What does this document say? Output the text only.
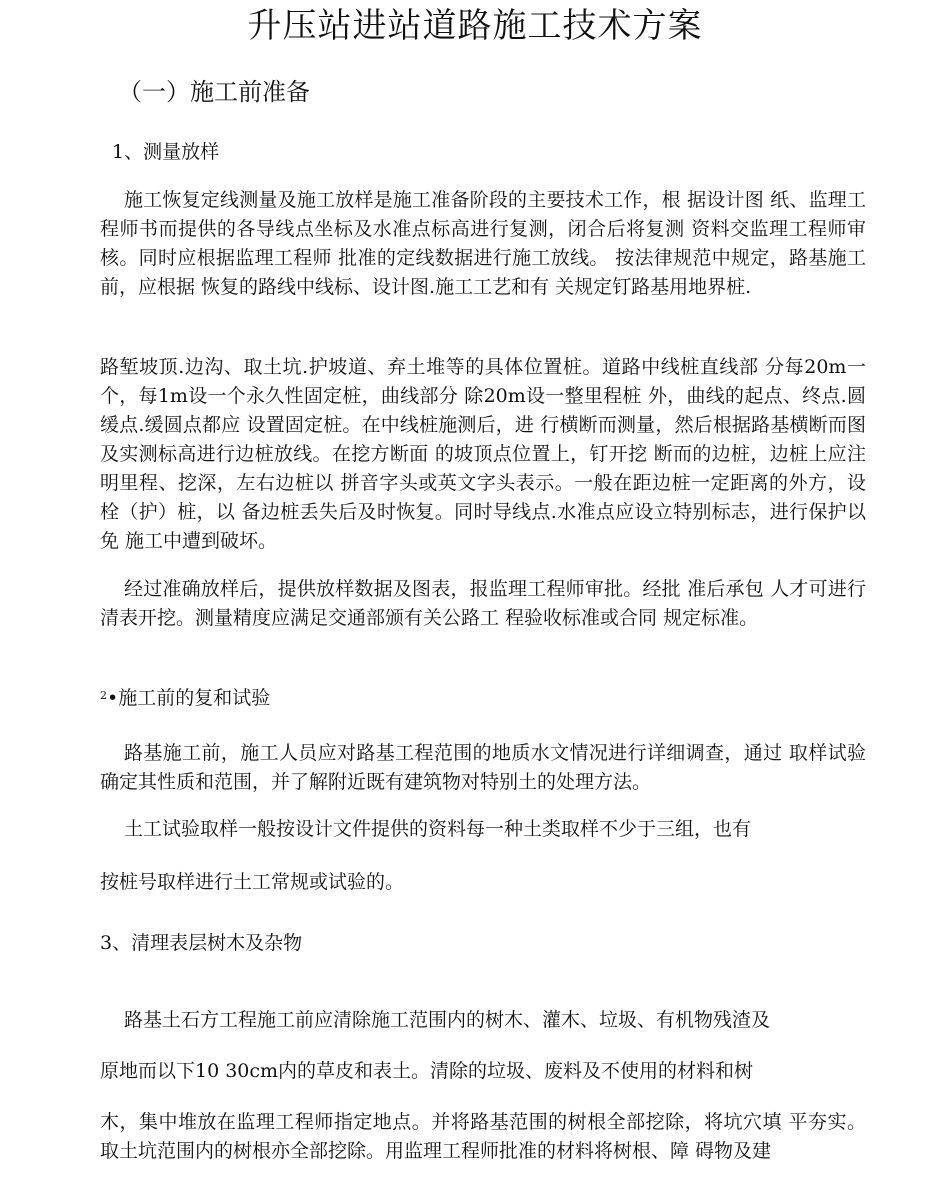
升压站进站道路施工技术方案
（一）施工前准备
1、测量放样
施工恢复定线测量及施工放样是施工准备阶段的主要技术工作，根 据设计图 纸、监理工程师书而提供的各导线点坐标及水准点标高进行复测，闭合后将复测 资料交监理工程师审核。同时应根据监理工程师 批准的定线数据进行施工放线。 按法律规范中规定，路基施工前，应根据 恢复的路线中线标、设计图.施工工艺和有 关规定钉路基用地界桩.
路堑坡顶.边沟、取土坑.护坡道、弃土堆等的具体位置桩。道路中线桩直线部 分每20m一个，每1m设一个永久性固定桩，曲线部分 除20m设一整里程桩 外，曲线的起点、终点.圆缓点.缓圆点都应 设置固定桩。在中线桩施测后，进 行横断而测量，然后根据路基横断而图及实测标高进行边桩放线。在挖方断面 的坡顶点位置上，钉开挖 断而的边桩，边桩上应注明里程、挖深，左右边桩以 拼音字头或英文字头表示。一般在距边桩一定距离的外方，设栓（护）桩，以 备边桩丢失后及时恢复。同时导线点.水准点应设立特别标志，进行保护以免 施工中遭到破坏。
经过准确放样后，提供放样数据及图表，报监理工程师审批。经批 准后承包 人才可进行清表开挖。测量精度应满足交通部颁有关公路工 程验收标准或合同 规定标准。
$^2$•施工前的复和试验
路基施工前，施工人员应对路基工程范围的地质水文情况进行详细调查，通过 取样试验确定其性质和范围，并了解附近既有建筑物对特别土的处理方法。
土工试验取样一般按设计文件提供的资料每一种土类取样不少于三组，也有
按桩号取样进行土工常规或试验的。
3、清理表层树木及杂物
路基土石方工程施工前应清除施工范围内的树木、灌木、垃圾、有机物残渣及
原地而以下10 30cm内的草皮和表土。清除的垃圾、废料及不使用的材料和树
木，集中堆放在监理工程师指定地点。并将路基范围的树根全部挖除，将坑穴填 平夯实。取土坑范围内的树根亦全部挖除。用监理工程师批准的材料将树根、障 碍物及建
